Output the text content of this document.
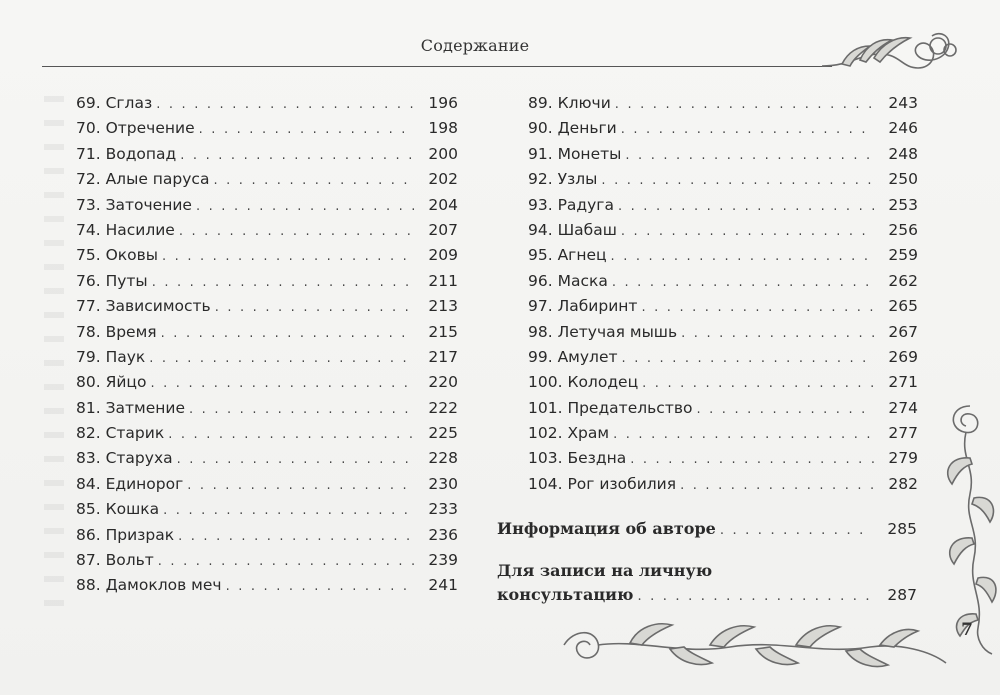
Содержание
69. Сглаз . . .	196
70. Отречение . . .	198
71. Водопад . . .	200
72. Алые паруса . . .	202
73. Заточение . . .	204
74. Насилие . . .	207
75. Оковы . . .	209
76. Путы . . .	211
77. Зависимость . . .	213
78. Время . . .	215
79. Паук . . .	217
80. Яйцо . . .	220
81. Затмение . . .	222
82. Старик . . .	225
83. Старуха . . .	228
84. Единорог . . .	230
85. Кошка . . .	233
86. Призрак . . .	236
87. Вольт . . .	239
88. Дамоклов меч . . .	241
89. Ключи . . .	243
90. Деньги . . .	246
91. Монеты . . .	248
92. Узлы . . .	250
93. Радуга . . .	253
94. Шабаш . . .	256
95. Агнец . . .	259
96. Маска . . .	262
97. Лабиринт . . .	265
98. Летучая мышь . . .	267
99. Амулет . . .	269
100. Колодец . . .	271
101. Предательство . . .	274
102. Храм . . .	277
103. Бездна . . .	279
104. Рог изобилия . . .	282
Информация об авторе . . .	285
Для записи на личную
консультацию . . .	287
7
